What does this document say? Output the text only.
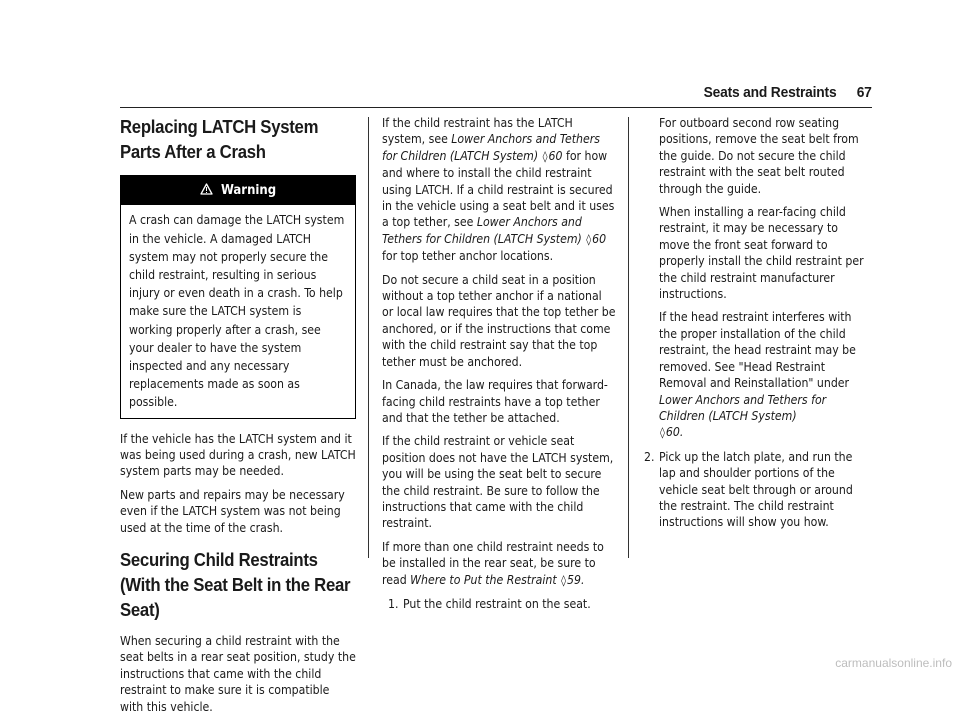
Seats and Restraints 67
Replacing LATCH System Parts After a Crash
Warning
A crash can damage the LATCH system in the vehicle. A damaged LATCH system may not properly secure the child restraint, resulting in serious injury or even death in a crash. To help make sure the LATCH system is working properly after a crash, see your dealer to have the system inspected and any necessary replacements made as soon as possible.

If the vehicle has the LATCH system and it was being used during a crash, new LATCH system parts may be needed.

New parts and repairs may be necessary even if the LATCH system was not being used at the time of the crash.

Securing Child Restraints (With the Seat Belt in the Rear Seat)

When securing a child restraint with the seat belts in a rear seat position, study the instructions that came with the child restraint to make sure it is compatible with this vehicle.

If the child restraint has the LATCH system, see Lower Anchors and Tethers for Children (LATCH System) ◊60 for how and where to install the child restraint using LATCH. If a child restraint is secured in the vehicle using a seat belt and it uses a top tether, see Lower Anchors and Tethers for Children (LATCH System) ◊60 for top tether anchor locations.

Do not secure a child seat in a position without a top tether anchor if a national or local law requires that the top tether be anchored, or if the instructions that come with the child restraint say that the top tether must be anchored.

In Canada, the law requires that forward-facing child restraints have a top tether and that the tether be attached.

If the child restraint or vehicle seat position does not have the LATCH system, you will be using the seat belt to secure the child restraint. Be sure to follow the instructions that came with the child restraint.

If more than one child restraint needs to be installed in the rear seat, be sure to read Where to Put the Restraint ◊59.

1. Put the child restraint on the seat.

For outboard second row seating positions, remove the seat belt from the guide. Do not secure the child restraint with the seat belt routed through the guide.

When installing a rear-facing child restraint, it may be necessary to move the front seat forward to properly install the child restraint per the child restraint manufacturer instructions.

If the head restraint interferes with the proper installation of the child restraint, the head restraint may be removed. See "Head Restraint Removal and Reinstallation" under Lower Anchors and Tethers for Children (LATCH System)
◊60.

2. Pick up the latch plate, and run the lap and shoulder portions of the vehicle seat belt through or around the restraint. The child restraint instructions will show you how.
carmanualsonline.info
